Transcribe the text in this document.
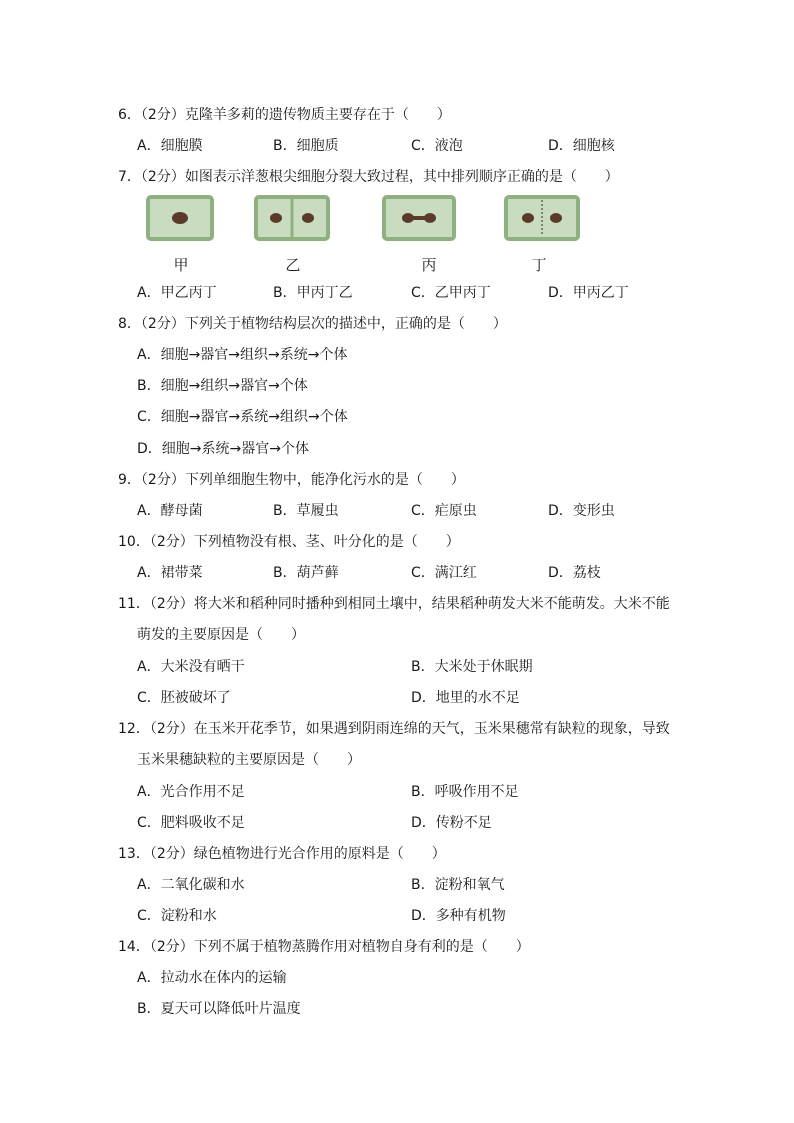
6．（2分）克隆羊多莉的遗传物质主要存在于（　　）
A．细胞膜	B．细胞质	C．液泡	D．细胞核
7．（2分）如图表示洋葱根尖细胞分裂大致过程，其中排列顺序正确的是（　　）
甲	乙	丙	丁
A．甲乙丙丁	B．甲丙丁乙	C．乙甲丙丁	D．甲丙乙丁
8．（2分）下列关于植物结构层次的描述中，正确的是（　　）
A．细胞→器官→组织→系统→个体
B．细胞→组织→器官→个体
C．细胞→器官→系统→组织→个体
D．细胞→系统→器官→个体
9．（2分）下列单细胞生物中，能净化污水的是（　　）
A．酵母菌	B．草履虫	C．疟原虫	D．变形虫
10．（2分）下列植物没有根、茎、叶分化的是（　　）
A．裙带菜	B．葫芦藓	C．满江红	D．荔枝
11．（2分）将大米和稻种同时播种到相同土壤中，结果稻种萌发大米不能萌发。大米不能
萌发的主要原因是（　　）
A．大米没有晒干	B．大米处于休眠期
C．胚被破坏了	D．地里的水不足
12．（2分）在玉米开花季节，如果遇到阴雨连绵的天气，玉米果穗常有缺粒的现象，导致
玉米果穗缺粒的主要原因是（　　）
A．光合作用不足	B．呼吸作用不足
C．肥料吸收不足	D．传粉不足
13．（2分）绿色植物进行光合作用的原料是（　　）
A．二氧化碳和水	B．淀粉和氧气
C．淀粉和水	D．多种有机物
14．（2分）下列不属于植物蒸腾作用对植物自身有利的是（　　）
A．拉动水在体内的运输
B．夏天可以降低叶片温度
